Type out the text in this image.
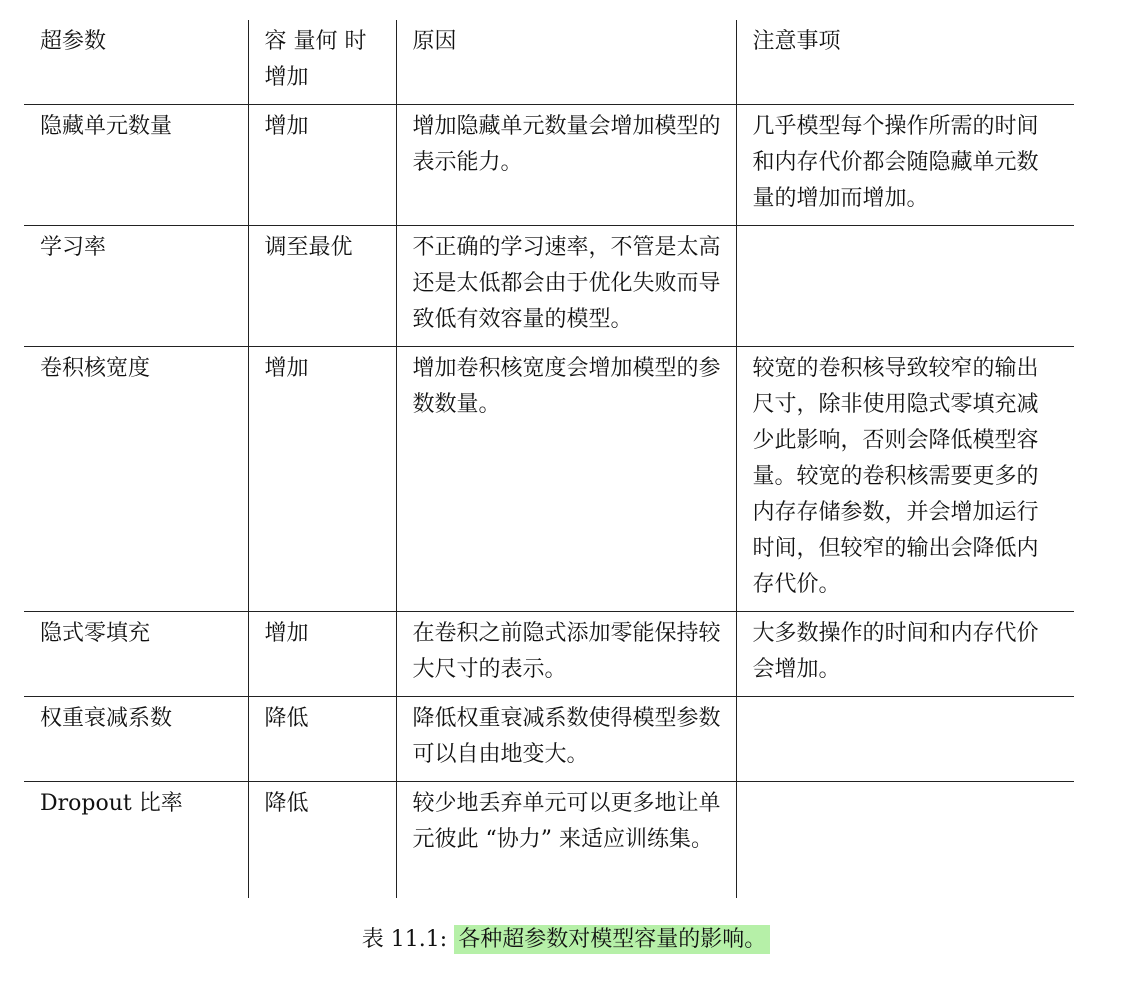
超参数	容 量何 时 增加	原因	注意事项
隐藏单元数量	增加	增加隐藏单元数量会增加模型的表示能力。	几乎模型每个操作所需的时间和内存代价都会随隐藏单元数量的增加而增加。
学习率	调至最优	不正确的学习速率，不管是太高还是太低都会由于优化失败而导致低有效容量的模型。	
卷积核宽度	增加	增加卷积核宽度会增加模型的参数数量。	较宽的卷积核导致较窄的输出尺寸，除非使用隐式零填充减少此影响，否则会降低模型容量。较宽的卷积核需要更多的内存存储参数，并会增加运行时间，但较窄的输出会降低内存代价。
隐式零填充	增加	在卷积之前隐式添加零能保持较大尺寸的表示。	大多数操作的时间和内存代价会增加。
权重衰减系数	降低	降低权重衰减系数使得模型参数可以自由地变大。	
Dropout 比率	降低	较少地丢弃单元可以更多地让单元彼此 “协力” 来适应训练集。	
表 11.1: 各种超参数对模型容量的影响。
